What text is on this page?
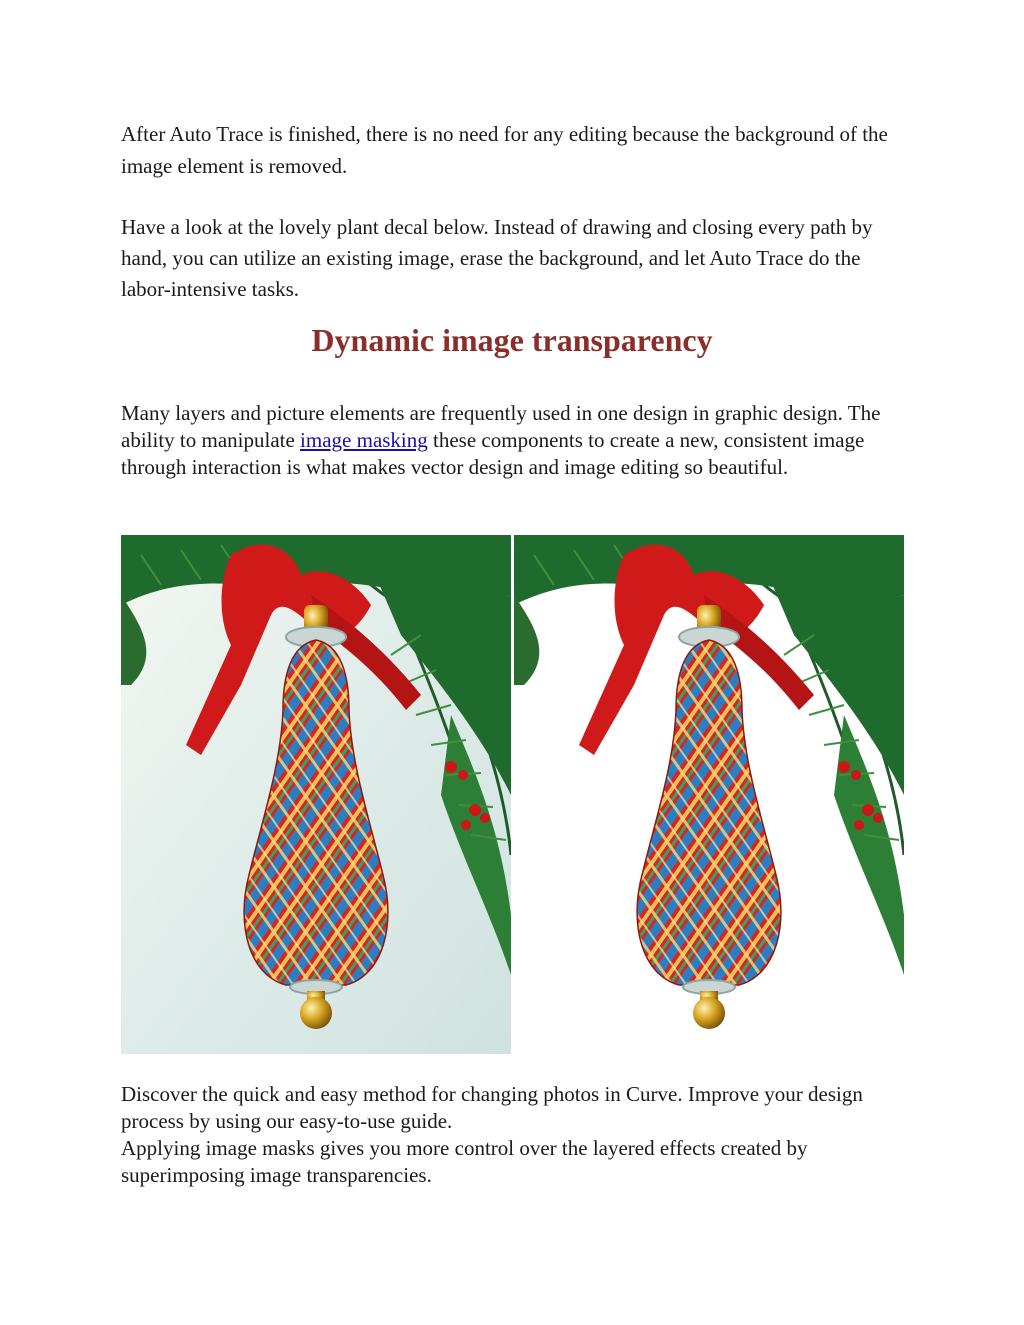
After Auto Trace is finished, there is no need for any editing because the background of the image element is removed.

Have a look at the lovely plant decal below. Instead of drawing and closing every path by hand, you can utilize an existing image, erase the background, and let Auto Trace do the labor-intensive tasks.

Dynamic image transparency

Many layers and picture elements are frequently used in one design in graphic design. The ability to manipulate image masking these components to create a new, consistent image through interaction is what makes vector design and image editing so beautiful.

Discover the quick and easy method for changing photos in Curve. Improve your design process by using our easy-to-use guide.
Applying image masks gives you more control over the layered effects created by superimposing image transparencies.
